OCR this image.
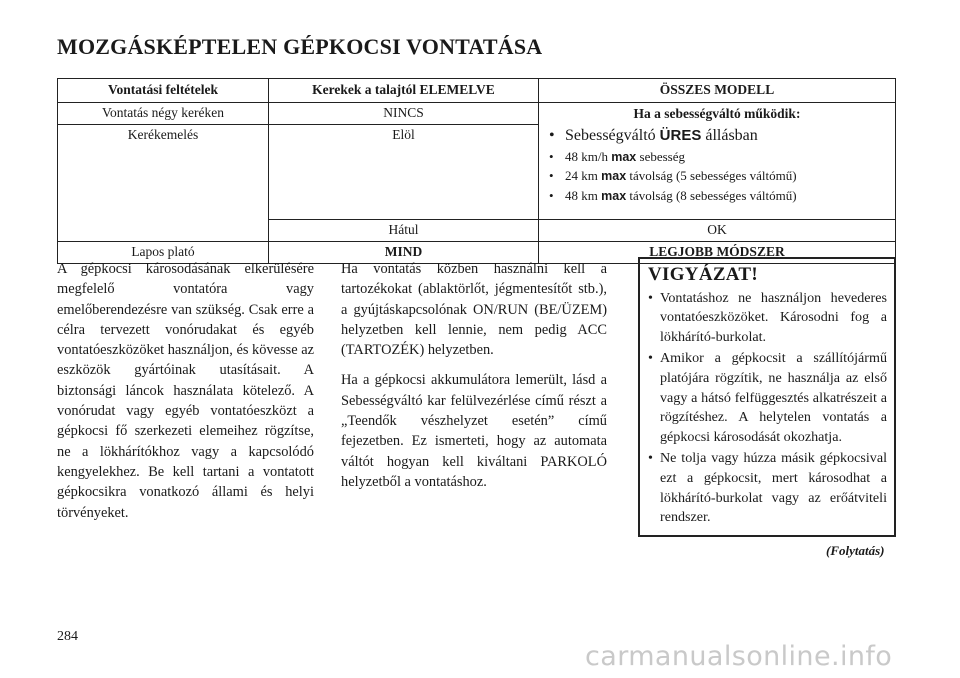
MOZGÁSKÉPTELEN GÉPKOCSI VONTATÁSA
Vontatási feltételek	Kerekek a talajtól ELEMELVE	ÖSSZES MODELL
Vontatás négy keréken	NINCS	Ha a sebességváltó működik:
• Sebességváltó ÜRES állásban
• 48 km/h max sebesség
• 24 km max távolság (5 sebességes váltómű)
• 48 km max távolság (8 sebességes váltómű)

Kerékemelés	Elöl	
	Hátul	OK
Lapos plató	MIND	LEGJOBB MÓDSZER

A gépkocsi károsodásának elkerülésére megfelelő vontatóra vagy emelőberendezésre van szükség. Csak erre a célra tervezett vonórudakat és egyéb vontatóeszközöket használjon, és kövesse az eszközök gyártóinak utasításait. A biztonsági láncok használata kötelező. A vonórudat vagy egyéb vontatóeszközt a gépkocsi fő szerkezeti elemeihez rögzítse, ne a lökhárítókhoz vagy a kapcsolódó kengyelekhez. Be kell tartani a vontatott gépkocsikra vonatkozó állami és helyi törvényeket.

Ha vontatás közben használni kell a tartozékokat (ablaktörlőt, jégmentesítőt stb.), a gyújtáskapcsolónak ON/RUN (BE/ÜZEM) helyzetben kell lennie, nem pedig ACC (TARTOZÉK) helyzetben.

Ha a gépkocsi akkumulátora lemerült, lásd a Sebességváltó kar felülvezérlése című részt a „Teendők vészhelyzet esetén” című fejezetben. Ez ismerteti, hogy az automata váltót hogyan kell kiváltani PARKOLÓ helyzetből a vontatáshoz.

VIGYÁZAT!
• Vontatáshoz ne használjon hevederes vontatóeszközöket. Károsodni fog a lökhárító-burkolat.
• Amikor a gépkocsit a szállítójármű platójára rögzítik, ne használja az első vagy a hátsó felfüggesztés alkatrészeit a rögzítéshez. A helytelen vontatás a gépkocsi károsodását okozhatja.
• Ne tolja vagy húzza másik gépkocsival ezt a gépkocsit, mert károsodhat a lökhárító-burkolat vagy az erőátviteli rendszer.
(Folytatás)
284
carmanualsonline.info
